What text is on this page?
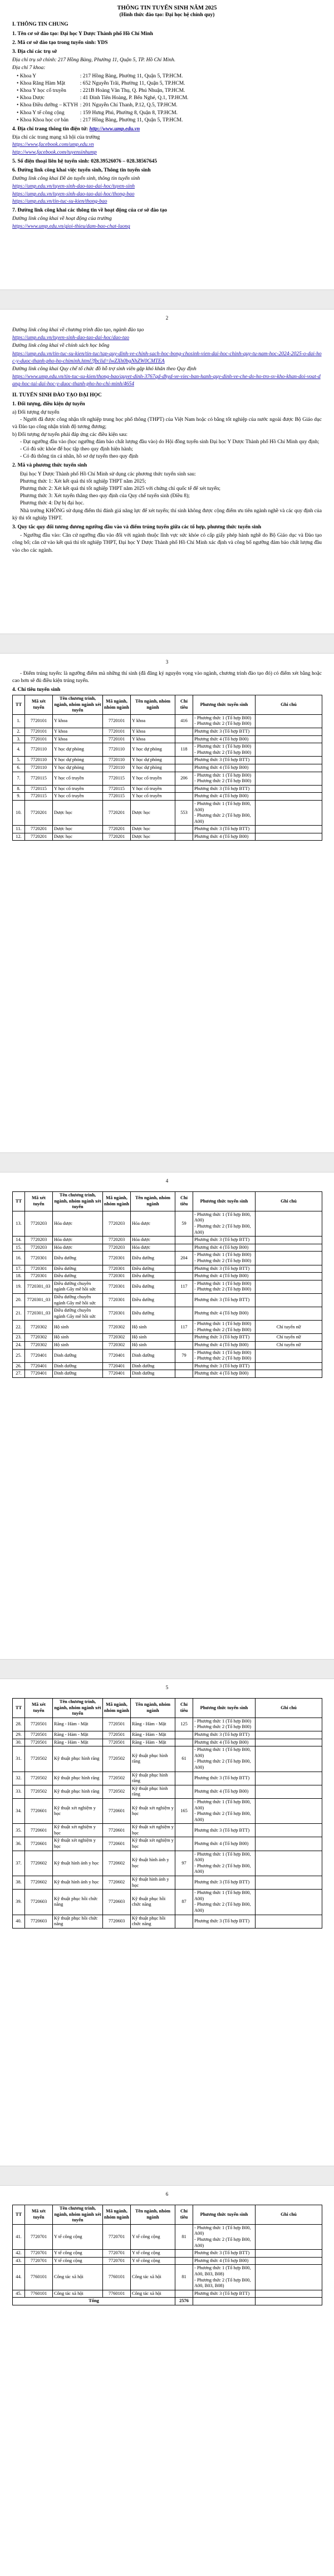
THÔNG TIN TUYỂN SINH NĂM 2025

(Hình thức đào tạo: Đại học hệ chính quy)

I. THÔNG TIN CHUNG

1. Tên cơ sở đào tạo: Đại học Y Dược Thành phố Hồ Chí Minh

2. Mã cơ sở đào tạo trong tuyển sinh: YDS

3. Địa chỉ các trụ sở

Địa chỉ trụ sở chính: 217 Hồng Bàng, Phường 11, Quận 5, TP. Hồ Chí Minh.

Địa chỉ 7 khoa:

• Khoa Y	: 217 Hồng Bàng, Phường 11, Quận 5, TP.HCM.
• Khoa Răng Hàm Mặt	: 652 Nguyễn Trãi, Phường 11, Quận 5, TP.HCM.
• Khoa Y học cổ truyền	: 221B Hoàng Văn Thụ, Q. Phú Nhuận, TP.HCM.
• Khoa Dược	: 41 Đinh Tiên Hoàng, P. Bến Nghé, Q.1, TP.HCM.
• Khoa Điều dưỡng – KTYH : 201 Nguyễn Chí Thanh, P.12, Q.5, TP.HCM.
• Khoa Y tế công cộng	: 159 Hưng Phú, Phường 8, Quận 8, TP.HCM.
• Khoa Khoa học cơ bản	: 217 Hồng Bàng, Phường 11, Quận 5, TP.HCM.

4. Địa chỉ trang thông tin điện tử: http://www.ump.edu.vn

Địa chỉ các trang mạng xã hội của trường

https://www.facebook.com/ump.edu.vn

http://www.facebook.com/tuyensinhump

5. Số điện thoại liên hệ tuyển sinh: 028.39526076 – 028.38567645

6. Đường link công khai việc tuyển sinh, Thông tin tuyển sinh

Đường link công khai Đề án tuyển sinh, thông tin tuyển sinh

https://ump.edu.vn/tuyen-sinh-dao-tao-dai-hoc/tuyen-sinh

https://ump.edu.vn/tuyen-sinh-dao-tao-dai-hoc/thong-bao

https://ump.edu.vn/tin-tuc-su-kien/thong-bao

7. Đường link công khai các thông tin về hoạt động của cơ sở đào tạo

Đường link công khai về hoạt động của trường

https://www.ump.edu.vn/gioi-thieu/dam-bao-chat-luong

2

Đường link công khai về chương trình đào tạo, ngành đào tạo

https://ump.edu.vn/tuyen-sinh-dao-tao-dai-hoc/dao-tao

Đường link công khai về chính sách học bổng

https://ump.edu.vn/tin-tuc-su-kien/tin-tuc/tap-quy-dinh-ve-chinh-sach-hoc-bong-chosinh-vien-dai-hoc-chinh-quy-tu-nam-hoc-2024-2025-o-dai-hoc-y-duoc-thanh-pho-ho-chiminh.html?fbclid=IwZXh0bgNhZW0CMTEA

Đường link công khai Quy chế tổ chức đồ hỗ trợ sinh viên gặp khó khăn theo Quy định

https://www.ump.edu.vn/tin-tuc-su-kien/thong-bao/quyet-dinh-3767qd-dhyd-ve-viec-ban-hanh-quy-dinh-ve-che-do-ho-tro-sv-kho-khan-doi-voat-dang-hoc-tai-dai-hoc-y-duoc-thanh-pho-ho-chi-minh/4654

II. TUYỂN SINH ĐÀO TẠO ĐẠI HỌC

1. Đối tượng, điều kiện dự tuyển

a) Đối tượng dự tuyển

- Người đã được công nhận tốt nghiệp trung học phổ thông (THPT) của Việt Nam hoặc có bằng tốt nghiệp của nước ngoài được Bộ Giáo dục và Đào tạo công nhận trình độ tương đương;

b) Đối tượng dự tuyển phải đáp ứng các điều kiện sau:

- Đạt ngưỡng đầu vào (học ngưỡng đảm bảo chất lượng đầu vào) do Hội đồng tuyển sinh Đại học Y Dược Thành phố Hồ Chí Minh quy định;

- Có đủ sức khỏe để học tập theo quy định hiện hành;

- Có đủ thông tin cá nhân, hồ sơ dự tuyển theo quy định

2. Mã và phương thức tuyển sinh

Đại học Y Dược Thành phố Hồ Chí Minh sử dụng các phương thức tuyển sinh sau:

Phương thức 1: Xét kết quả thi tốt nghiệp THPT năm 2025;

Phương thức 2: Xét kết quả thi tốt nghiệp THPT năm 2025 với chứng chỉ quốc tế để xét tuyển;

Phương thức 3: Xét tuyển thẳng theo quy định của Quy chế tuyển sinh (Điều 8);

Phương thức 4: Dự bị đại học.

Nhà trường KHÔNG sử dụng điểm thi đánh giá năng lực để xét tuyển; thí sinh không được cộng điểm ưu tiên ngành nghề và các quy định của kỳ thi tốt nghiệp THPT.

3. Quy tắc quy đổi tương đương ngưỡng đầu vào và điểm trúng tuyển giữa các tổ hợp, phương thức tuyển sinh

- Ngưỡng đầu vào: Căn cứ ngưỡng đầu vào đối với ngành thuộc lĩnh vực sức khỏe có cấp giấy phép hành nghề do Bộ Giáo dục và Đào tạo công bố; căn cứ vào kết quả thi tốt nghiệp THPT, Đại học Y Dược Thành phố Hồ Chí Minh xác định và công bố ngưỡng đảm bảo chất lượng đầu vào cho các ngành.

3

- Điểm trúng tuyển: là ngưỡng điểm mà những thí sinh (đã đăng ký nguyện vọng vào ngành, chương trình đào tạo đó) có điểm xét bằng hoặc cao hơn sẽ đủ điều kiện trúng tuyển.

4. Chỉ tiêu tuyển sinh

4
5
6
TT	Mã xét tuyển	Tên chương trình, ngành, nhóm ngành xét tuyển	Mã ngành, nhóm ngành	Tên ngành, nhóm ngành	Chỉ tiêu	Phương thức tuyển sinh	Ghi chú
1.	7720101	Y khoa	7720101	Y khoa	416	- Phương thức 1 (Tổ hợp B00)
- Phương thức 2 (Tổ hợp B00)	
2.	7720101	Y khoa	7720101	Y khoa		Phương thức 3 (Tổ hợp BTT)	
3.	7720101	Y khoa	7720101	Y khoa		Phương thức 4 (Tổ hợp B00)	
4.	7720110	Y học dự phòng	7720110	Y học dự phòng	118	- Phương thức 1 (Tổ hợp B00)
- Phương thức 2 (Tổ hợp B00)	
5.	7720110	Y học dự phòng	7720110	Y học dự phòng		Phương thức 3 (Tổ hợp BTT)	
6.	7720110	Y học dự phòng	7720110	Y học dự phòng		Phương thức 4 (Tổ hợp B00)	
7.	7720115	Y học cổ truyền	7720115	Y học cổ truyền	206	- Phương thức 1 (Tổ hợp B00)
- Phương thức 2 (Tổ hợp B00)	
8.	7720115	Y học cổ truyền	7720115	Y học cổ truyền		Phương thức 3 (Tổ hợp BTT)	
9.	7720115	Y học cổ truyền	7720115	Y học cổ truyền		Phương thức 4 (Tổ hợp B00)	
10.	7720201	Dược học	7720201	Dược học	553	- Phương thức 1 (Tổ hợp B00, A00)
- Phương thức 2 (Tổ hợp B00, A00)	
11.	7720201	Dược học	7720201	Dược học		Phương thức 3 (Tổ hợp BTT)	
12.	7720201	Dược học	7720201	Dược học		Phương thức 4 (Tổ hợp B00)	
TT	Mã xét tuyển	Tên chương trình, ngành, nhóm ngành xét tuyển	Mã ngành, nhóm ngành	Tên ngành, nhóm ngành	Chỉ tiêu	Phương thức tuyển sinh	Ghi chú
13.	7720203	Hóa dược	7720203	Hóa dược	59	- Phương thức 1 (Tổ hợp B00, A00)
- Phương thức 2 (Tổ hợp B00, A00)	
14.	7720203	Hóa dược	7720203	Hóa dược		Phương thức 3 (Tổ hợp BTT)	
15.	7720203	Hóa dược	7720203	Hóa dược		Phương thức 4 (Tổ hợp B00)	
16.	7720301	Điều dưỡng	7720301	Điều dưỡng	204	- Phương thức 1 (Tổ hợp B00)
- Phương thức 2 (Tổ hợp B00)	
17.	7720301	Điều dưỡng	7720301	Điều dưỡng		Phương thức 3 (Tổ hợp BTT)	
18.	7720301	Điều dưỡng	7720301	Điều dưỡng		Phương thức 4 (Tổ hợp B00)	
19.	7720301_03	Điều dưỡng chuyên ngành Gây mê hồi sức	7720301	Điều dưỡng	117	- Phương thức 1 (Tổ hợp B00)
- Phương thức 2 (Tổ hợp B00)	
20.	7720301_03	Điều dưỡng chuyên ngành Gây mê hồi sức	7720301	Điều dưỡng		Phương thức 3 (Tổ hợp BTT)	
21.	7720301_03	Điều dưỡng chuyên ngành Gây mê hồi sức	7720301	Điều dưỡng		Phương thức 4 (Tổ hợp B00)	
22.	7720302	Hộ sinh	7720302	Hộ sinh	117	- Phương thức 1 (Tổ hợp B00)
- Phương thức 2 (Tổ hợp B00)	Chỉ tuyển nữ
23.	7720302	Hộ sinh	7720302	Hộ sinh		Phương thức 3 (Tổ hợp BTT)	Chỉ tuyển nữ
24.	7720302	Hộ sinh	7720302	Hộ sinh		Phương thức 4 (Tổ hợp B00)	Chỉ tuyển nữ
25.	7720401	Dinh dưỡng	7720401	Dinh dưỡng	79	- Phương thức 1 (Tổ hợp B00)
- Phương thức 2 (Tổ hợp B00)	
26.	7720401	Dinh dưỡng	7720401	Dinh dưỡng		Phương thức 3 (Tổ hợp BTT)	
27.	7720401	Dinh dưỡng	7720401	Dinh dưỡng		Phương thức 4 (Tổ hợp B00)	
TT	Mã xét tuyển	Tên chương trình, ngành, nhóm ngành xét tuyển	Mã ngành, nhóm ngành	Tên ngành, nhóm ngành	Chỉ tiêu	Phương thức tuyển sinh	Ghi chú
28.	7720501	Răng - Hàm - Mặt	7720501	Răng - Hàm - Mặt	125	- Phương thức 1 (Tổ hợp B00)
- Phương thức 2 (Tổ hợp B00)	
29.	7720501	Răng - Hàm - Mặt	7720501	Răng - Hàm - Mặt		Phương thức 3 (Tổ hợp BTT)	
30.	7720501	Răng - Hàm - Mặt	7720501	Răng - Hàm - Mặt		Phương thức 4 (Tổ hợp B00)	
31.	7720502	Kỹ thuật phục hình răng	7720502	Kỹ thuật phục hình răng	61	- Phương thức 1 (Tổ hợp B00, A00)
- Phương thức 2 (Tổ hợp B00, A00)	
32.	7720502	Kỹ thuật phục hình răng	7720502	Kỹ thuật phục hình răng		Phương thức 3 (Tổ hợp BTT)	
33.	7720502	Kỹ thuật phục hình răng	7720502	Kỹ thuật phục hình răng		Phương thức 4 (Tổ hợp B00)	
34.	7720601	Kỹ thuật xét nghiệm y học	7720601	Kỹ thuật xét nghiệm y học	165	- Phương thức 1 (Tổ hợp B00, A00)
- Phương thức 2 (Tổ hợp B00, A00)	
35.	7720601	Kỹ thuật xét nghiệm y học	7720601	Kỹ thuật xét nghiệm y học		Phương thức 3 (Tổ hợp BTT)	
36.	7720601	Kỹ thuật xét nghiệm y học	7720601	Kỹ thuật xét nghiệm y học		Phương thức 4 (Tổ hợp B00)	
37.	7720602	Kỹ thuật hình ảnh y học	7720602	Kỹ thuật hình ảnh y học	97	- Phương thức 1 (Tổ hợp B00, A00)
- Phương thức 2 (Tổ hợp B00, A00)	
38.	7720602	Kỹ thuật hình ảnh y học	7720602	Kỹ thuật hình ảnh y học		Phương thức 3 (Tổ hợp BTT)	
39.	7720603	Kỹ thuật phục hồi chức năng	7720603	Kỹ thuật phục hồi chức năng	87	- Phương thức 1 (Tổ hợp B00, A00)
- Phương thức 2 (Tổ hợp B00, A00)	
40.	7720603	Kỹ thuật phục hồi chức năng	7720603	Kỹ thuật phục hồi chức năng		Phương thức 3 (Tổ hợp BTT)	
TT	Mã xét tuyển	Tên chương trình, ngành, nhóm ngành xét tuyển	Mã ngành, nhóm ngành	Tên ngành, nhóm ngành	Chỉ tiêu	Phương thức tuyển sinh	Ghi chú
41.	7720701	Y tế công cộng	7720701	Y tế công cộng	81	- Phương thức 1 (Tổ hợp B00, A00)
- Phương thức 2 (Tổ hợp B00, A00)	
42.	7720701	Y tế công cộng	7720701	Y tế công cộng		Phương thức 3 (Tổ hợp BTT)	
43.	7720701	Y tế công cộng	7720701	Y tế công cộng		Phương thức 4 (Tổ hợp B00)	
44.	7760101	Công tác xã hội	7760101	Công tác xã hội	81	- Phương thức 1 (Tổ hợp B00, A00, B03, B08)
- Phương thức 2 (Tổ hợp B00, A00, B03, B08)	
45.	7760101	Công tác xã hội	7760101	Công tác xã hội		Phương thức 3 (Tổ hợp BTT)	
Tổng					2576		
